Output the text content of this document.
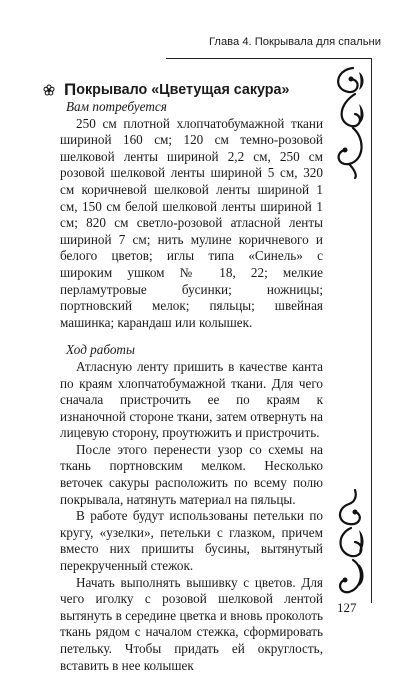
Глава 4. Покрывала для спальни
П окрывало «Цветущая сакура»

Вам потребуется

250 см плотной хлопчатобумажной ткани шириной 160 см; 120 см темно-розовой шелковой ленты шириной 2,2 см, 250 см розовой шелковой ленты шириной 5 см, 320 см коричневой шелковой ленты шириной 1 см, 150 см белой шелковой ленты шириной 1 см; 820 см светло-розовой атласной ленты шириной 7 см; нить мулине коричневого и белого цветов; иглы типа «Синель» с широким ушком № 18, 22; мелкие перламутровые бусинки; ножницы; портновский мелок; пяльцы; швейная машинка; карандаш или колышек.

Ход работы

Атласную ленту пришить в качестве канта по краям хлопчатобумажной ткани. Для чего сначала пристрочить ее по краям к изнаночной стороне ткани, затем отвернуть на лицевую сторону, проутюжить и пристрочить.

После этого перенести узор со схемы на ткань портновским мелком. Несколько веточек сакуры расположить по всему полю покрывала, натянуть материал на пяльцы.

В работе будут использованы петельки по кругу, «узелки», петельки с глазком, причем вместо них пришиты бусины, вытянутый перекрученный стежок.

Начать выполнять вышивку с цветов. Для чего иголку с розовой шелковой лентой вытянуть в середине цветка и вновь проколоть ткань рядом с началом стежка, сформировать петельку. Чтобы придать ей округлость, вставить в нее колышек

127
